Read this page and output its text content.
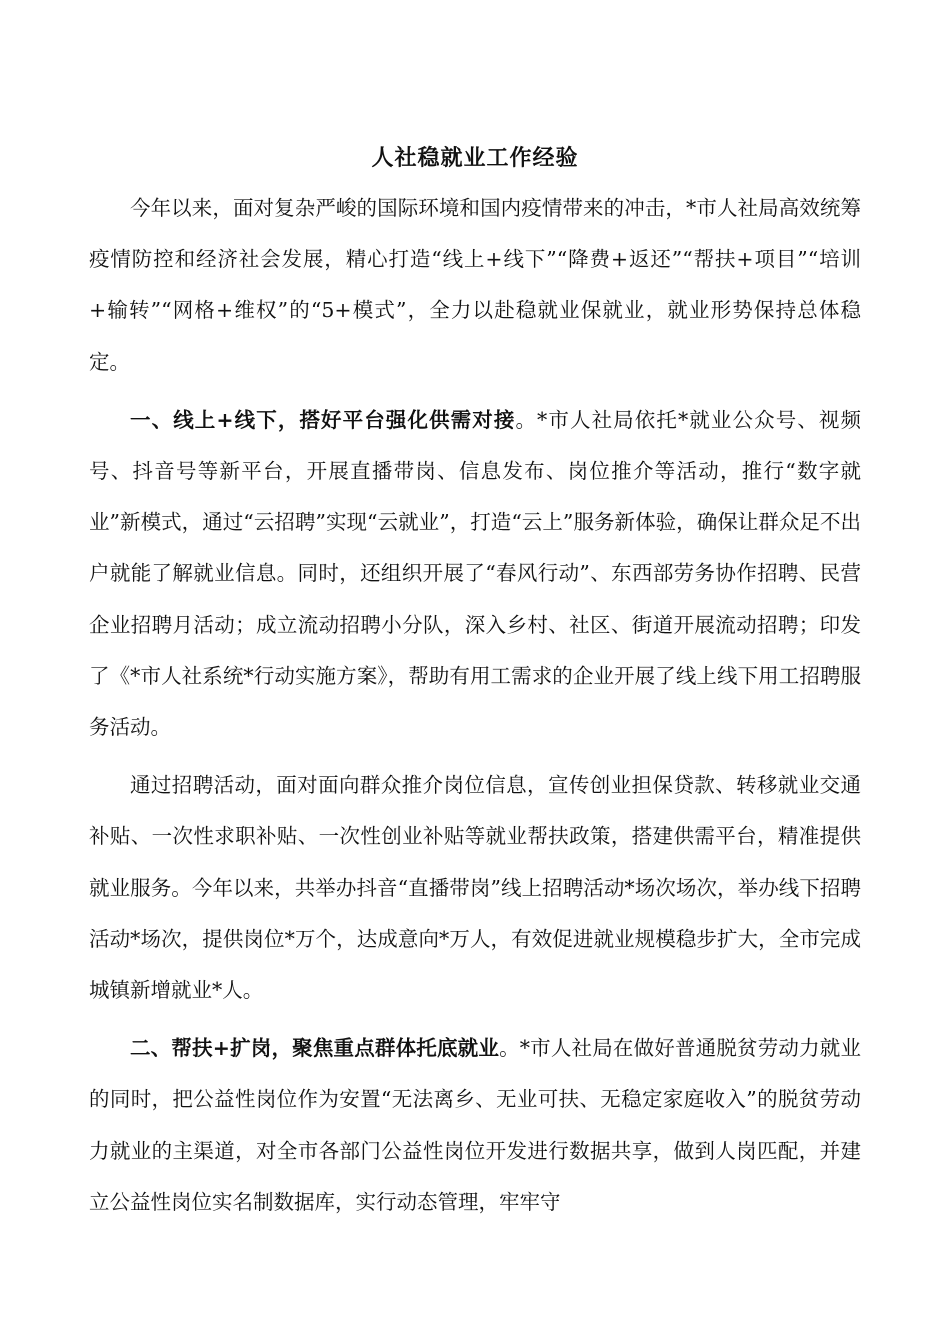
人社稳就业工作经验

今年以来，面对复杂严峻的国际环境和国内疫情带来的冲击，*市人社局高效统筹疫情防控和经济社会发展，精心打造“线上+线下”“降费+返还”“帮扶+项目”“培训+输转”“网格+维权”的“5+模式”，全力以赴稳就业保就业，就业形势保持总体稳定。

一、线上+线下，搭好平台强化供需对接。*市人社局依托*就业公众号、视频号、抖音号等新平台，开展直播带岗、信息发布、岗位推介等活动，推行“数字就业”新模式，通过“云招聘”实现“云就业”，打造“云上”服务新体验，确保让群众足不出户就能了解就业信息。同时，还组织开展了“春风行动”、东西部劳务协作招聘、民营企业招聘月活动；成立流动招聘小分队，深入乡村、社区、街道开展流动招聘；印发了《*市人社系统*行动实施方案》，帮助有用工需求的企业开展了线上线下用工招聘服务活动。

通过招聘活动，面对面向群众推介岗位信息，宣传创业担保贷款、转移就业交通补贴、一次性求职补贴、一次性创业补贴等就业帮扶政策，搭建供需平台，精准提供就业服务。今年以来，共举办抖音“直播带岗”线上招聘活动*场次场次，举办线下招聘活动*场次，提供岗位*万个，达成意向*万人，有效促进就业规模稳步扩大，全市完成城镇新增就业*人。

二、帮扶+扩岗，聚焦重点群体托底就业。*市人社局在做好普通脱贫劳动力就业的同时，把公益性岗位作为安置“无法离乡、无业可扶、无稳定家庭收入”的脱贫劳动力就业的主渠道，对全市各部门公益性岗位开发进行数据共享，做到人岗匹配，并建立公益性岗位实名制数据库，实行动态管理，牢牢守
